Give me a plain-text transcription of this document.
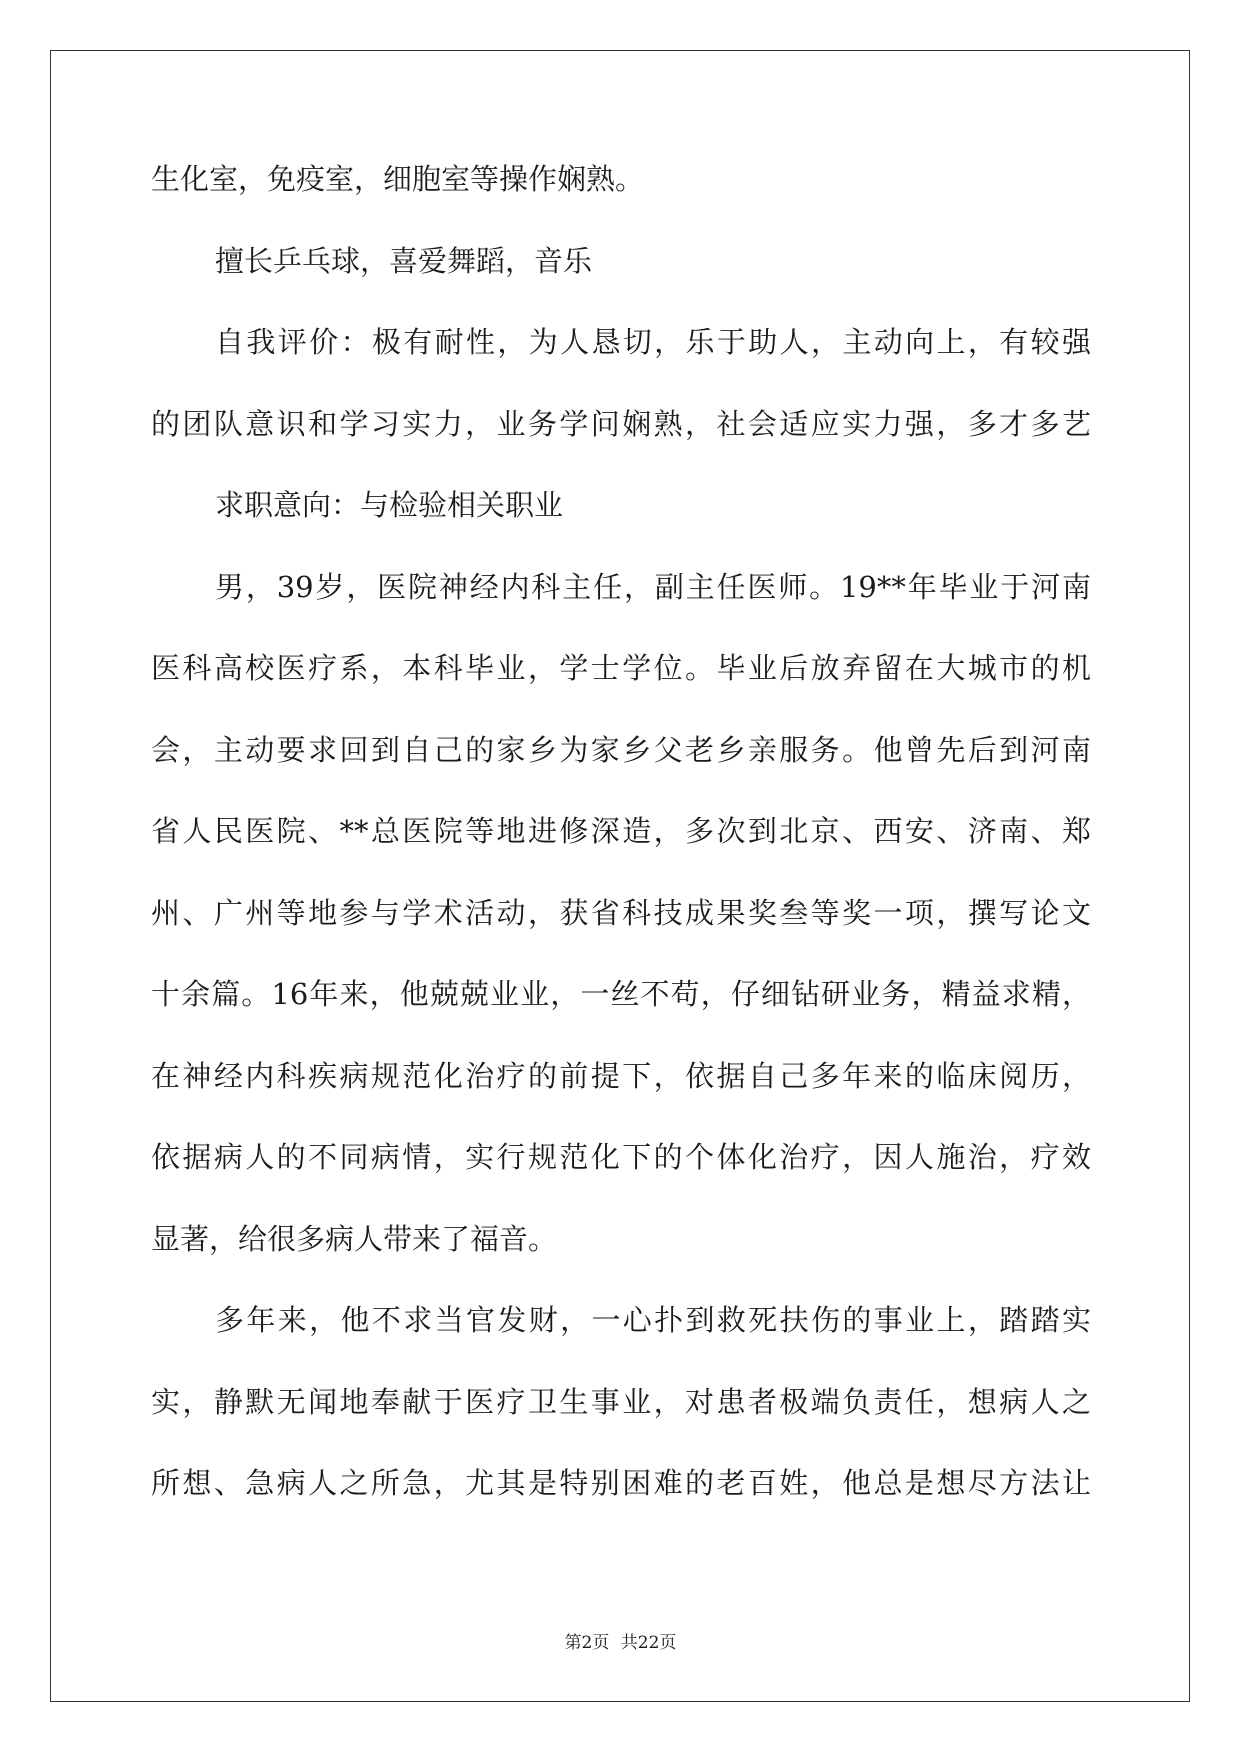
生化室，免疫室，细胞室等操作娴熟。
擅长乒乓球，喜爱舞蹈，音乐
自我评价：极有耐性，为人恳切，乐于助人，主动向上，有较强
的团队意识和学习实力，业务学问娴熟，社会适应实力强，多才多艺
求职意向：与检验相关职业
男，39岁，医院神经内科主任，副主任医师。19**年毕业于河南
医科高校医疗系，本科毕业，学士学位。毕业后放弃留在大城市的机
会，主动要求回到自己的家乡为家乡父老乡亲服务。他曾先后到河南
省人民医院、**总医院等地进修深造，多次到北京、西安、济南、郑
州、广州等地参与学术活动，获省科技成果奖叁等奖一项，撰写论文
十余篇。16年来，他兢兢业业，一丝不苟，仔细钻研业务，精益求精，
在神经内科疾病规范化治疗的前提下，依据自己多年来的临床阅历，
依据病人的不同病情，实行规范化下的个体化治疗，因人施治，疗效
显著，给很多病人带来了福音。
多年来，他不求当官发财，一心扑到救死扶伤的事业上，踏踏实
实，静默无闻地奉献于医疗卫生事业，对患者极端负责任，想病人之
所想、急病人之所急，尤其是特别困难的老百姓，他总是想尽方法让
第2页 共22页
